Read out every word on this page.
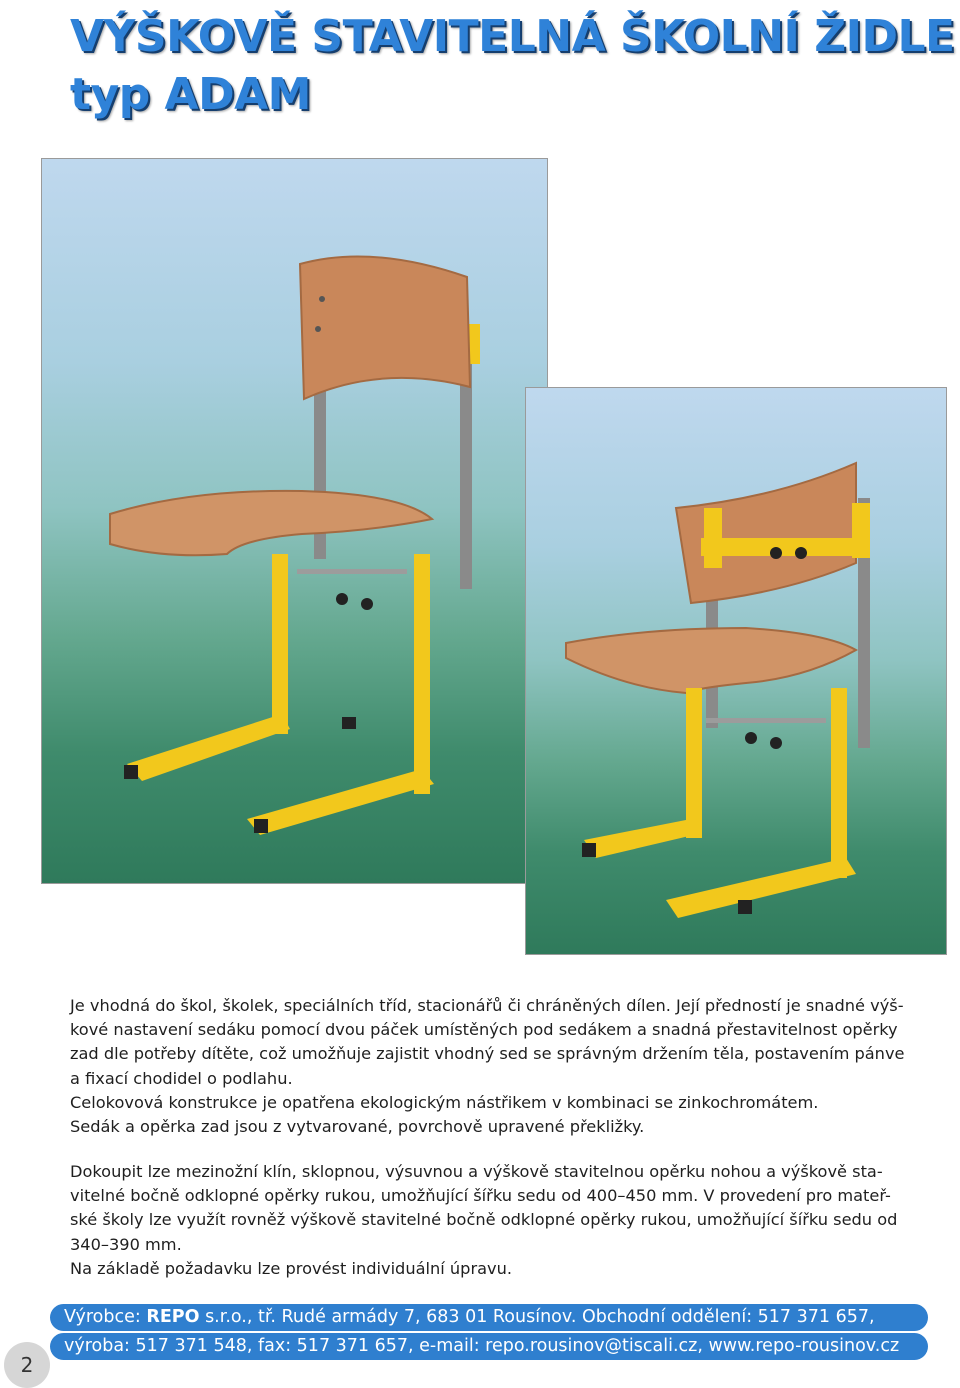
VÝŠKOVĚ STAVITELNÁ ŠKOLNÍ ŽIDLE
typ ADAM
Je vhodná do škol, školek, speciálních tříd, stacionářů či chráněných dílen. Její předností je snadné výš-
kové nastavení sedáku pomocí dvou páček umístěných pod sedákem a snadná přestavitelnost opěrky
zad dle potřeby dítěte, což umožňuje zajistit vhodný sed se správným držením těla, postavením pánve
a fixací chodidel o podlahu.
Celokovová konstrukce je opatřena ekologickým nástřikem v kombinaci se zinkochromátem.
Sedák a opěrka zad jsou z vytvarované, povrchově upravené překližky.
Dokoupit lze mezinožní klín, sklopnou, výsuvnou a výškově stavitelnou opěrku nohou a výškově sta-
vitelné bočně odklopné opěrky rukou, umožňující šířku sedu od 400–450 mm. V provedení pro mateř-
ské školy lze využít rovněž výškově stavitelné bočně odklopné opěrky rukou, umožňující šířku sedu od
340–390 mm.
Na základě požadavku lze provést individuální úpravu.
Výrobce: REPO s.r.o., tř. Rudé armády 7, 683 01 Rousínov. Obchodní oddělení: 517 371 657,
výroba: 517 371 548, fax: 517 371 657, e-mail: repo.rousinov@tiscali.cz, www.repo-rousinov.cz
2
